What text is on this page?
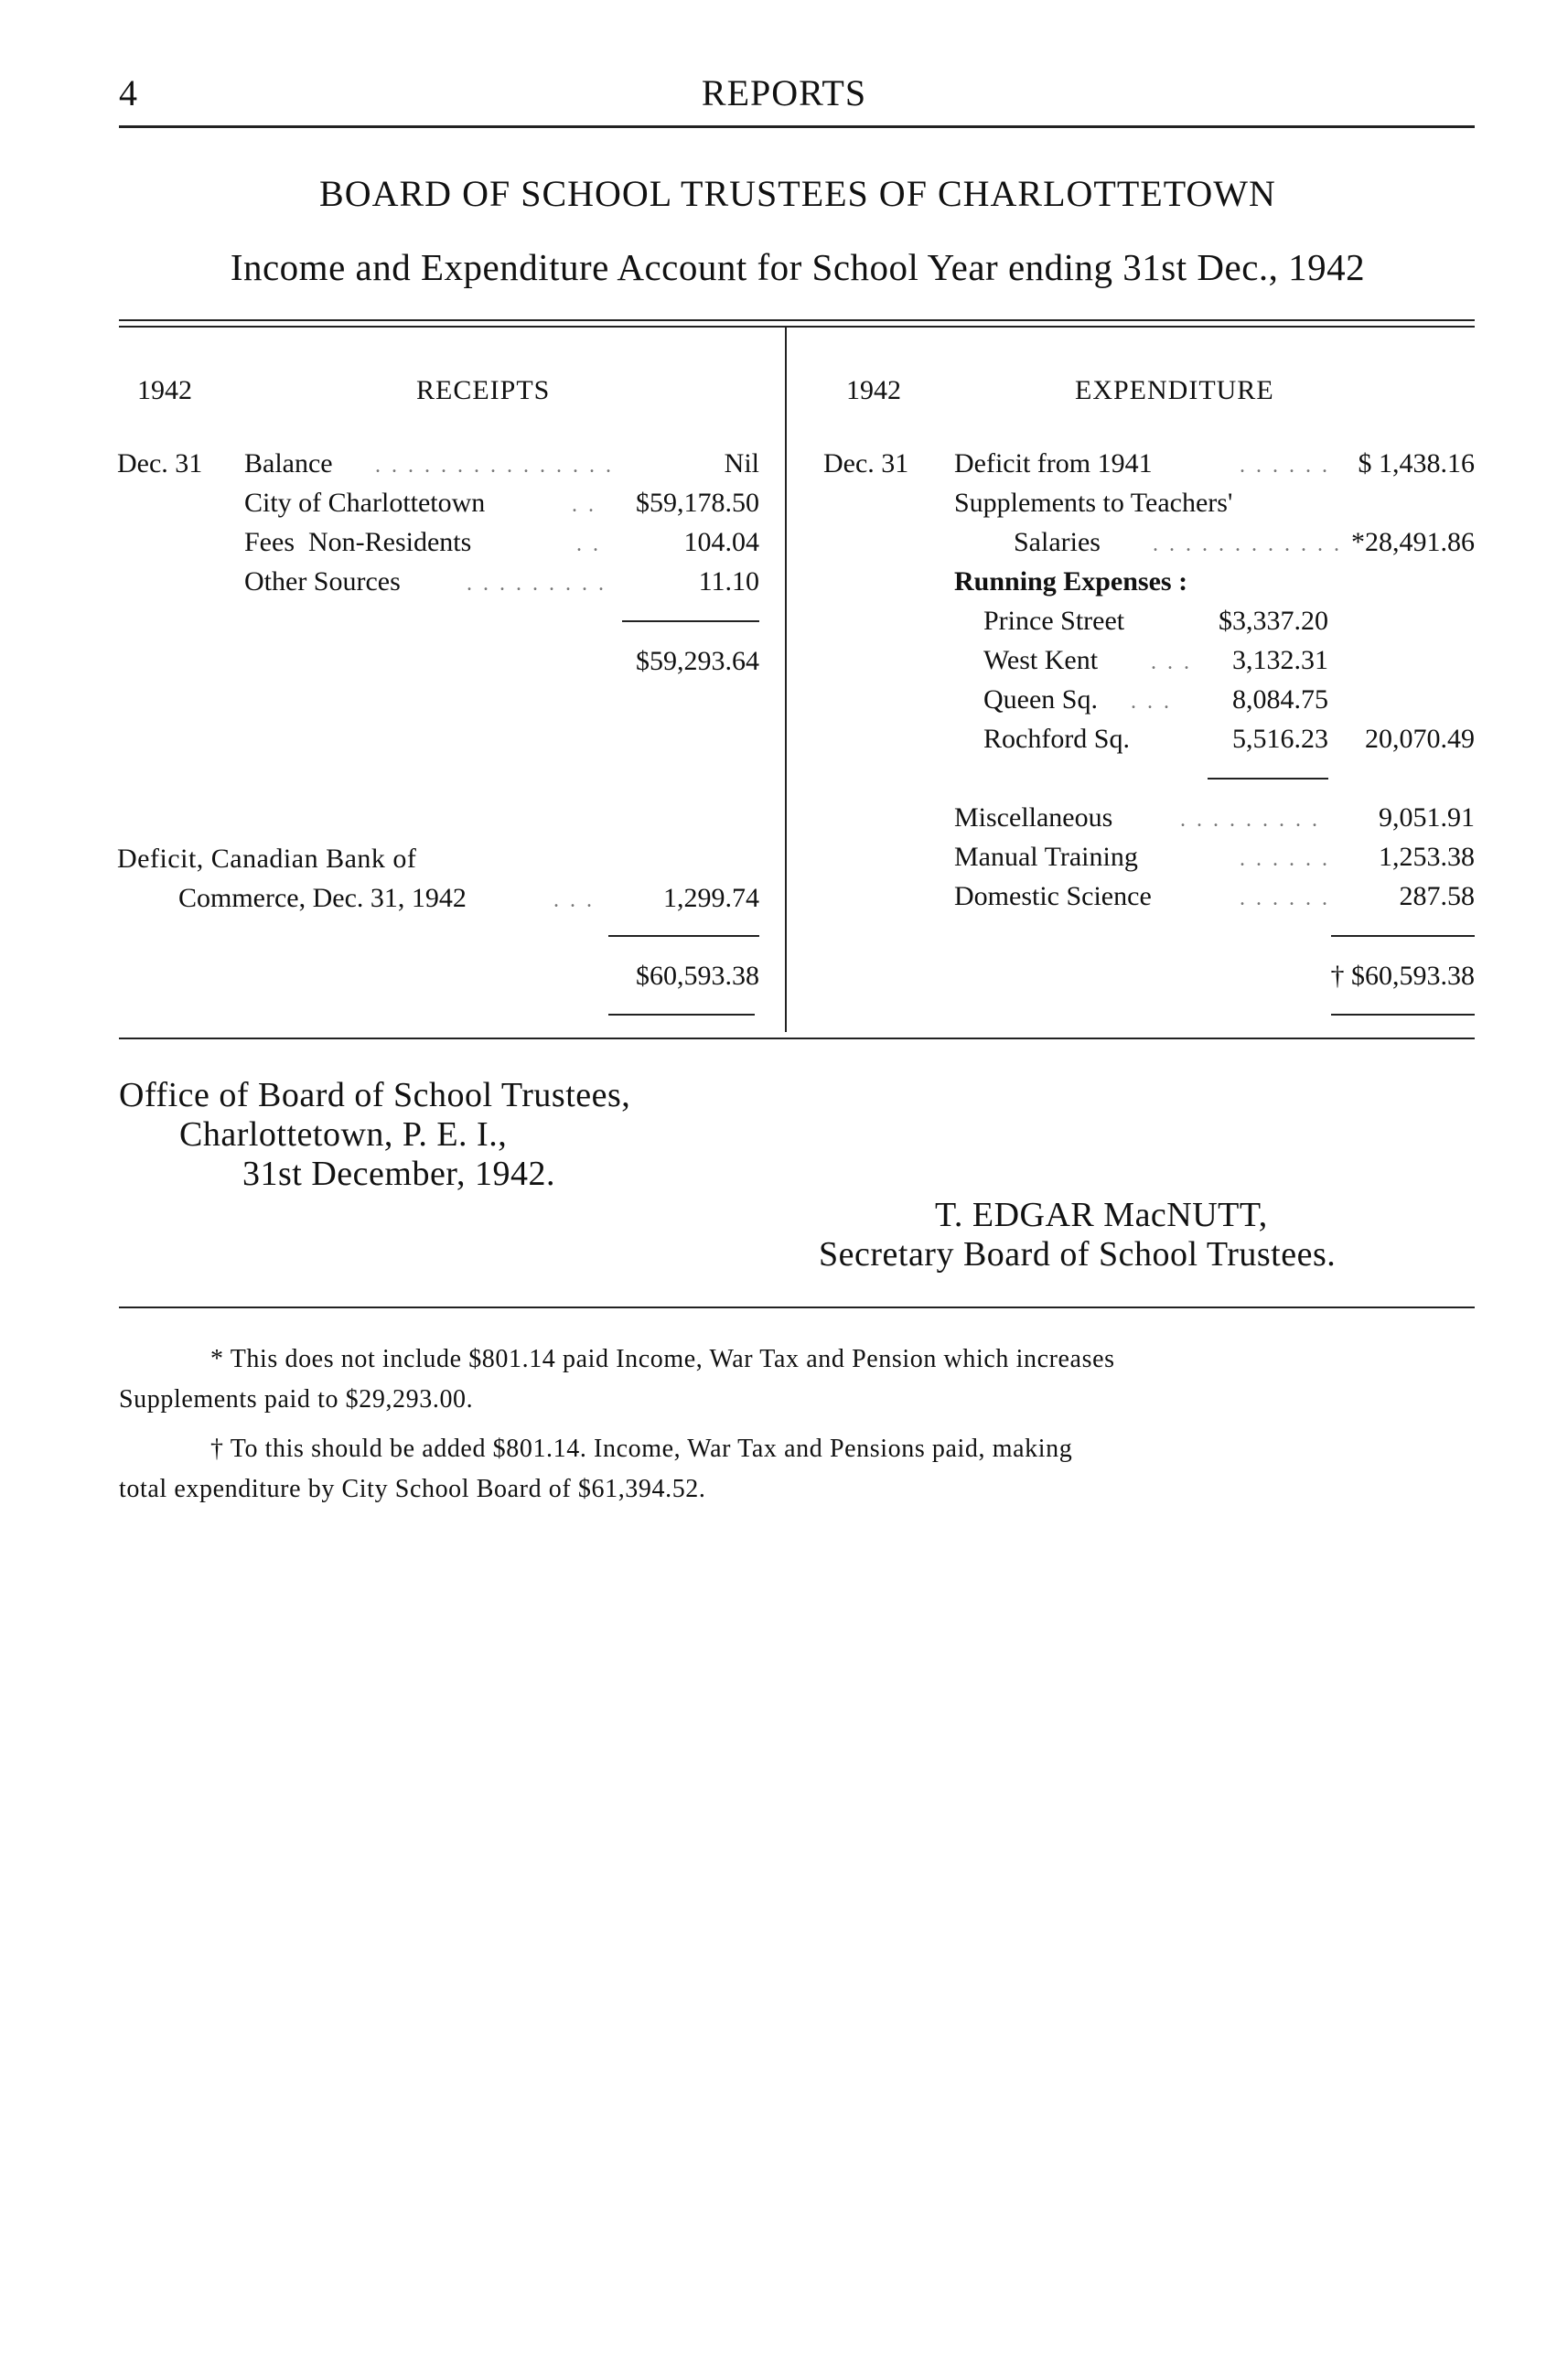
4	REPORTS
BOARD OF SCHOOL TRUSTEES OF CHARLOTTETOWN
Income and Expenditure Account for School Year ending 31st Dec., 1942
1942	RECEIPTS
Dec. 31 Balance . . . . . . . . . . . . . . .	Nil
City of Charlottetown	. .	$59,178.50
Fees  Non-Residents	. .	104.04
Other Sources	. . . . . . . . .	11.10
$59,293.64
Deficit, Canadian Bank of
Commerce, Dec. 31, 1942	. . .	1,299.74
$60,593.38
1942	EXPENDITURE
Dec. 31 Deficit from 1941	. . . . . .	$ 1,438.16
Supplements to Teachers'
Salaries . . . . . . . . . . . . *28,491.86
Running Expenses :
Prince Street	$3,337.20
West Kent . . .	3,132.31
Queen Sq. . . .	8,084.75
Rochford Sq.	5,516.23	20,070.49
Miscellaneous	. . . . . . . . .	9,051.91
Manual Training	. . . . . .	1,253.38
Domestic Science	. . . . . .	287.58
† $60,593.38
Office of Board of School Trustees,
Charlottetown, P. E. I.,
31st December, 1942.
T. EDGAR MacNUTT,
Secretary Board of School Trustees.
* This does not include $801.14 paid Income, War Tax and Pension which increases
Supplements paid to $29,293.00.
† To this should be added $801.14. Income, War Tax and Pensions paid, making
total expenditure by City School Board of $61,394.52.
